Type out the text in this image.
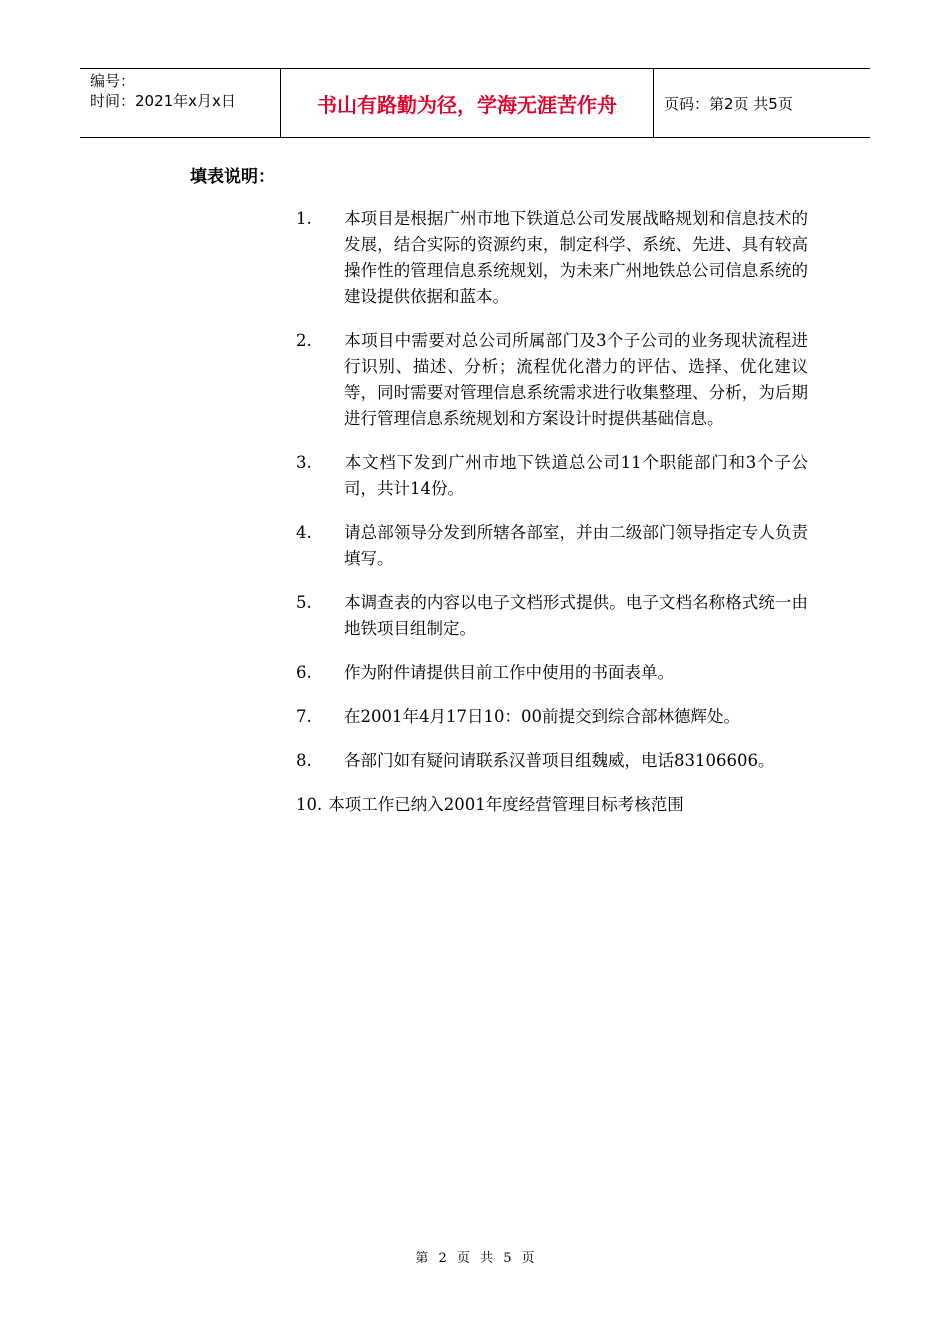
编号：
时间：2021年x月x日	书山有路勤为径，学海无涯苦作舟	页码：第2页 共5页
填表说明：
1.	本项目是根据广州市地下铁道总公司发展战略规划和信息技术的发展，结合实际的资源约束，制定科学、系统、先进、具有较高操作性的管理信息系统规划，为未来广州地铁总公司信息系统的建设提供依据和蓝本。
2.	本项目中需要对总公司所属部门及3个子公司的业务现状流程进行识别、描述、分析；流程优化潜力的评估、选择、优化建议等，同时需要对管理信息系统需求进行收集整理、分析，为后期进行管理信息系统规划和方案设计时提供基础信息。
3.	本文档下发到广州市地下铁道总公司11个职能部门和3个子公司，共计14份。
4.	请总部领导分发到所辖各部室，并由二级部门领导指定专人负责填写。
5.	本调查表的内容以电子文档形式提供。电子文档名称格式统一由地铁项目组制定。
6.	作为附件请提供目前工作中使用的书面表单。
7.	在2001年4月17日10：00前提交到综合部林德辉处。
8.	各部门如有疑问请联系汉普项目组魏威，电话83106606。
10. 本项工作已纳入2001年度经营管理目标考核范围
第 2 页 共 5 页
